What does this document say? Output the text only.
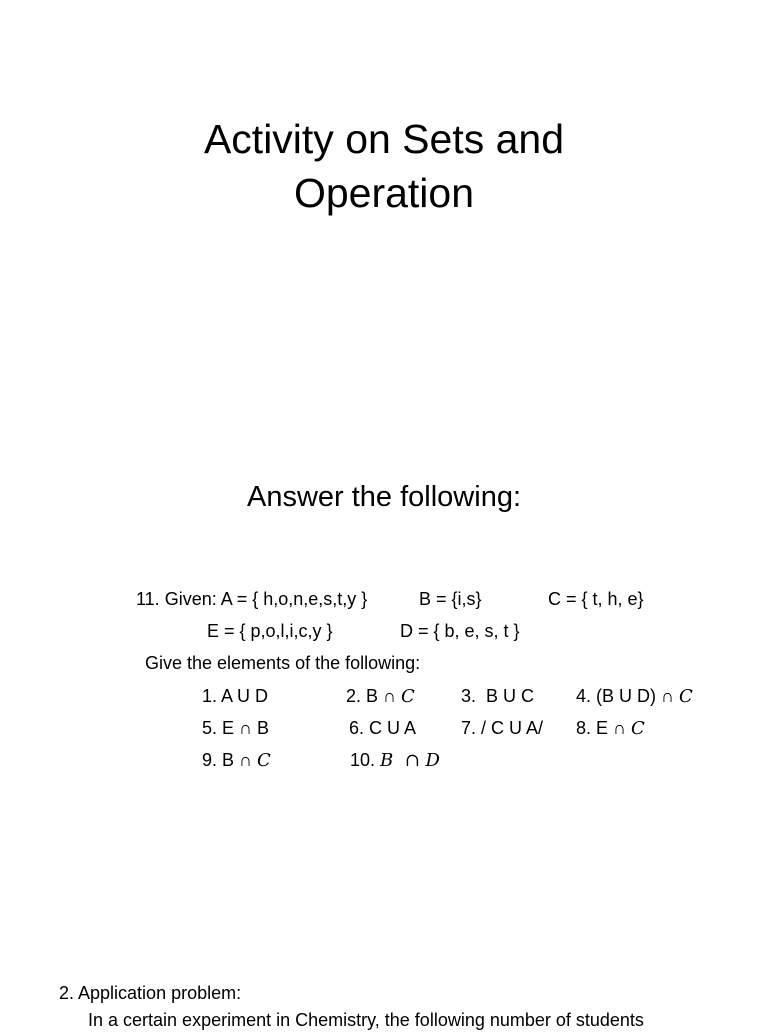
Activity on Sets and
Operation
Answer the following:
11. Given: A = { h,o,n,e,s,t,y }	B = {i,s}	C = { t, h, e}
E = { p,o,l,i,c,y }	D = { b, e, s, t }
Give the elements of the following:
1. A U D	2. B ∩ C	3.  B U C 4. (B U D) ∩ C
5. E ∩ B	6. C U A 7. / C U A/ 8. E ∩ C
9. B ∩ C	10. B  ∩ D
2. Application problem:
In a certain experiment in Chemistry, the following number of students
